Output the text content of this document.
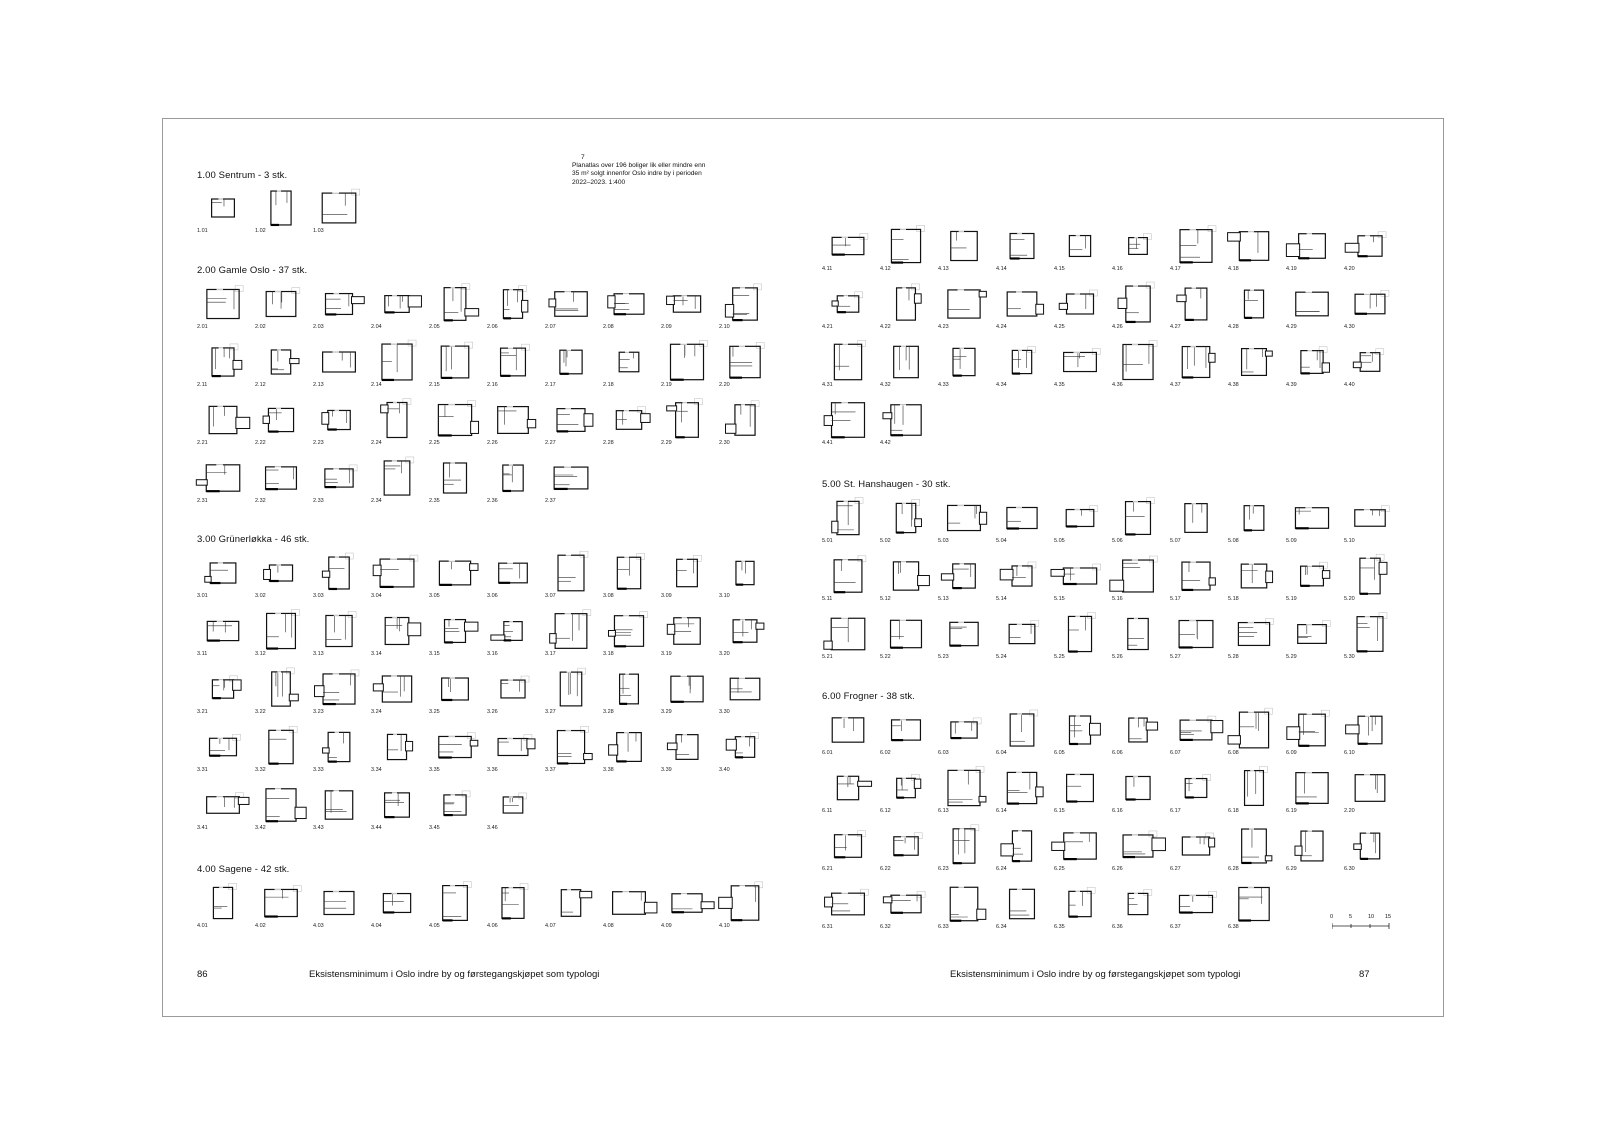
7
Planatlas over 196 boliger lik eller mindre enn 35 m² solgt innenfor Oslo indre by i perioden 2022–2023. 1:400
86	Eksistensminimum i Oslo indre by og førstegangskjøpet som typologi
1.00 Sentrum - 3 stk.
1.01	1.02	1.03
2.00 Gamle Oslo - 37 stk.
2.01	2.02	2.03	2.04	2.05	2.06	2.07	2.08	2.09	2.10
2.11	2.12	2.13	2.14	2.15	2.16	2.17	2.18	2.19	2.20
2.21	2.22	2.23	2.24	2.25	2.26	2.27	2.28	2.29	2.30
2.31	2.32	2.33	2.34	2.35	2.36	2.37
3.00 Grünerløkka - 46 stk.
3.01	3.02	3.03	3.04	3.05	3.06	3.07	3.08	3.09	3.10
3.11	3.12	3.13	3.14	3.15	3.16	3.17	3.18	3.19	3.20
3.21	3.22	3.23	3.24	3.25	3.26	3.27	3.28	3.29	3.30
3.31	3.32	3.33	3.34	3.35	3.36	3.37	3.38	3.39	3.40
3.41	3.42	3.43	3.44	3.45	3.46
4.00 Sagene - 42 stk.
4.01	4.02	4.03	4.04	4.05	4.06	4.07	4.08	4.09	4.10
Eksistensminimum i Oslo indre by og førstegangskjøpet som typologi	87
4.11	4.12	4.13	4.14	4.15	4.16	4.17	4.18	4.19	4.20
4.21	4.22	4.23	4.24	4.25	4.26	4.27	4.28	4.29	4.30
4.31	4.32	4.33	4.34	4.35	4.36	4.37	4.38	4.39	4.40
4.41	4.42
5.00 St. Hanshaugen - 30 stk.
5.01	5.02	5.03	5.04	5.05	5.06	5.07	5.08	5.09	5.10
5.11	5.12	5.13	5.14	5.15	5.16	5.17	5.18	5.19	5.20
5.21	5.22	5.23	5.24	5.25	5.26	5.27	5.28	5.29	5.30
6.00 Frogner - 38 stk.
6.01	6.02	6.03	6.04	6.05	6.06	6.07	6.08	6.09	6.10
6.11	6.12	6.13	6.14	6.15	6.16	6.17	6.18	6.19	2.20
6.21	6.22	6.23	6.24	6.25	6.26	6.27	6.28	6.29	6.30
6.31	6.32	6.33	6.34	6.35	6.36	6.37	6.38
0	5	10 15
